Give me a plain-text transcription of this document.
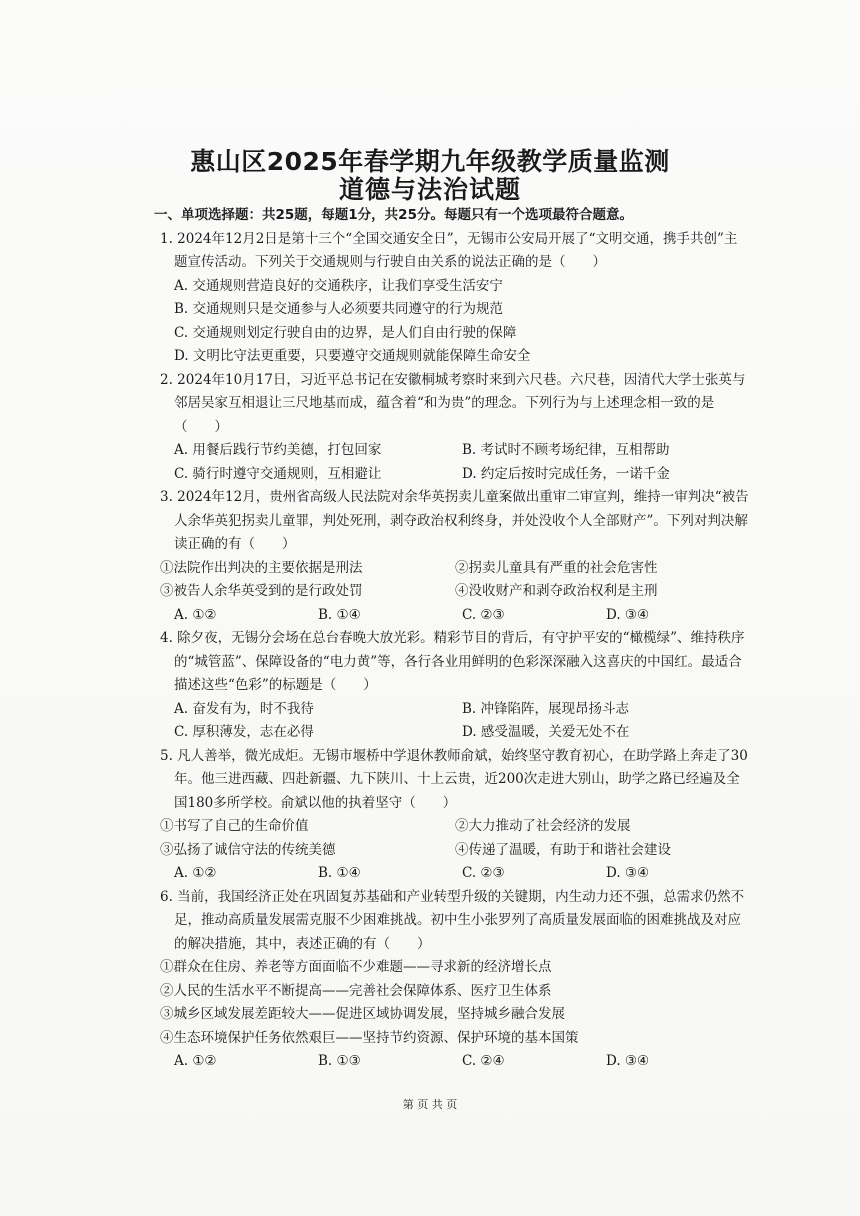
惠山区2025年春学期九年级教学质量监测
道德与法治试题
一、单项选择题：共25题，每题1分，共25分。每题只有一个选项最符合题意。
1. 2024年12月2日是第十三个“全国交通安全日”，无锡市公安局开展了“文明交通，携手共创”主题宣传活动。下列关于交通规则与行驶自由关系的说法正确的是（　　）
A. 交通规则营造良好的交通秩序，让我们享受生活安宁
B. 交通规则只是交通参与人必须要共同遵守的行为规范
C. 交通规则划定行驶自由的边界，是人们自由行驶的保障
D. 文明比守法更重要，只要遵守交通规则就能保障生命安全
2. 2024年10月17日，习近平总书记在安徽桐城考察时来到六尺巷。六尺巷，因清代大学士张英与邻居吴家互相退让三尺地基而成，蕴含着“和为贵”的理念。下列行为与上述理念相一致的是（　　）
A. 用餐后践行节约美德，打包回家	B. 考试时不顾考场纪律，互相帮助
C. 骑行时遵守交通规则，互相避让	D. 约定后按时完成任务，一诺千金
3. 2024年12月，贵州省高级人民法院对余华英拐卖儿童案做出重审二审宣判，维持一审判决“被告人余华英犯拐卖儿童罪，判处死刑，剥夺政治权利终身，并处没收个人全部财产”。下列对判决解读正确的有（　　）
①法院作出判决的主要依据是刑法	②拐卖儿童具有严重的社会危害性
③被告人余华英受到的是行政处罚	④没收财产和剥夺政治权利是主刑
A. ①②	B. ①④	C. ②③	D. ③④
4. 除夕夜，无锡分会场在总台春晚大放光彩。精彩节目的背后，有守护平安的“橄榄绿”、维持秩序的“城管蓝”、保障设备的“电力黄”等，各行各业用鲜明的色彩深深融入这喜庆的中国红。最适合描述这些“色彩”的标题是（　　）
A. 奋发有为，时不我待	B. 冲锋陷阵，展现昂扬斗志
C. 厚积薄发，志在必得	D. 感受温暖，关爱无处不在
5. 凡人善举，微光成炬。无锡市堰桥中学退休教师俞斌，始终坚守教育初心，在助学路上奔走了30年。他三进西藏、四赴新疆、九下陕川、十上云贵，近200次走进大别山，助学之路已经遍及全国180多所学校。俞斌以他的执着坚守（　　）
①书写了自己的生命价值	②大力推动了社会经济的发展
③弘扬了诚信守法的传统美德	④传递了温暖，有助于和谐社会建设
A. ①②	B. ①④	C. ②③	D. ③④
6. 当前，我国经济正处在巩固复苏基础和产业转型升级的关键期，内生动力还不强，总需求仍然不足，推动高质量发展需克服不少困难挑战。初中生小张罗列了高质量发展面临的困难挑战及对应的解决措施，其中，表述正确的有（　　）
①群众在住房、养老等方面面临不少难题——寻求新的经济增长点
②人民的生活水平不断提高——完善社会保障体系、医疗卫生体系
③城乡区域发展差距较大——促进区域协调发展，坚持城乡融合发展
④生态环境保护任务依然艰巨——坚持节约资源、保护环境的基本国策
A. ①②	B. ①③	C. ②④	D. ③④
第 页 共 页
